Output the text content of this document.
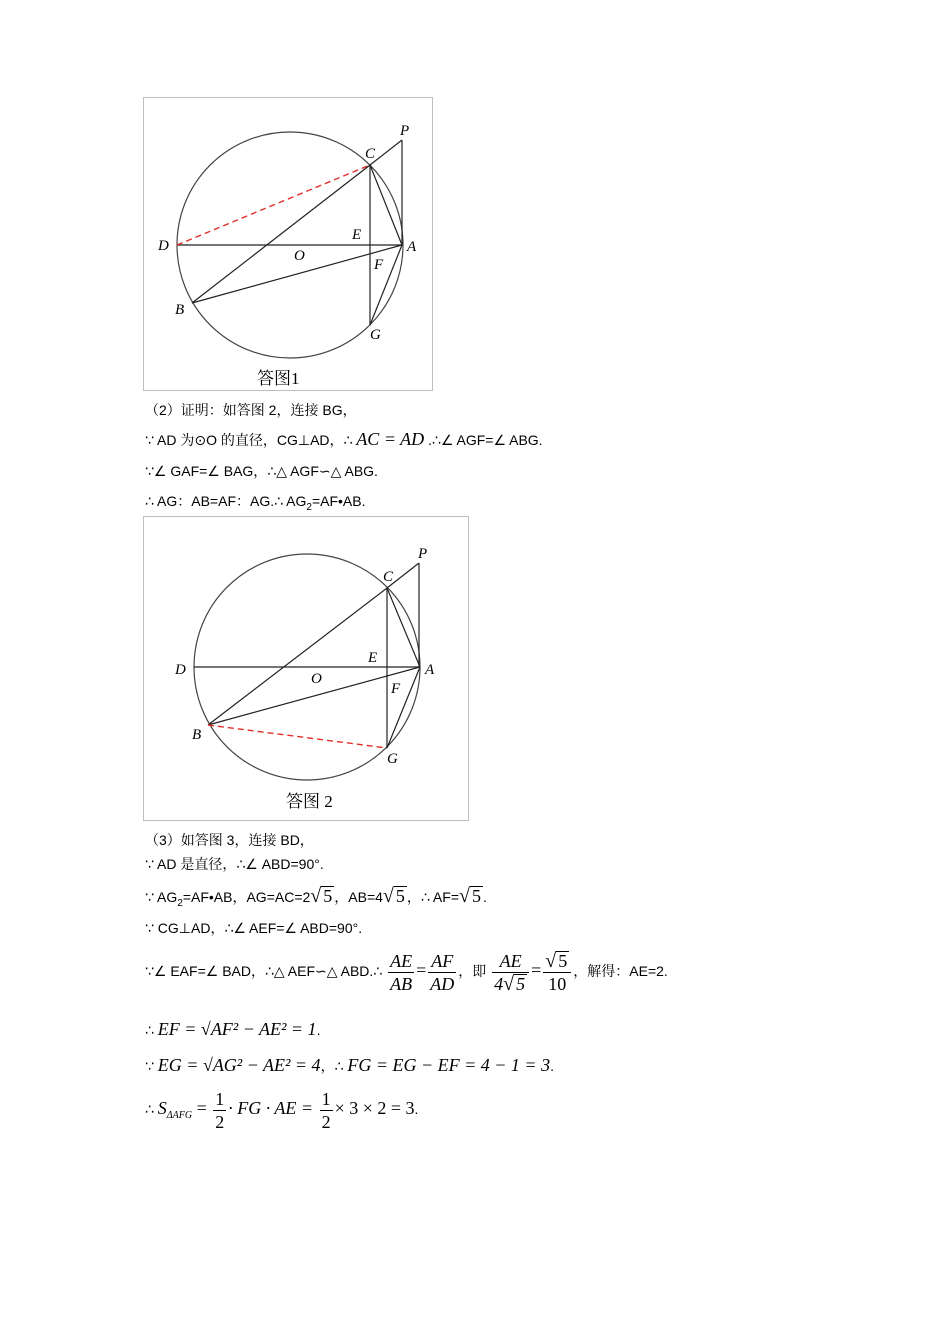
P
C
D
E
O
A
F
B
G
答图1
（2）证明：如答图 2，连接 BG，
∵ AD 为⊙O 的直径，CG⊥AD，∴ AC = AD .∴∠ AGF=∠ ABG.
∵∠ GAF=∠ BAG，∴△ AGF∽△ ABG.
∴ AG：AB=AF：AG.∴ $AG_2=AF•AB$.
P
C
D
E
O
A
F
B
G
答图 2
（3）如答图 3，连接 BD，
∵ AD 是直径，∴∠ ABD=90°.
∵ $AG_2=AF•AB$，AG=AC=2√ 5 ，AB=4√ 5 ，∴ AF=√ 5 .
∵ CG⊥AD，∴∠ AEF=∠ ABD=90°.
∵∠ EAF=∠ BAD，∴△ AEF∽△ ABD.∴ $\frac{AE}{AB} = \frac{AF}{AD}$ ，即 $\frac{AE}{4√ 5} = \frac{√ 5}{10}$ ，解得：AE=2.
∴ EF = √AF² − AE² = 1.
∵ EG = √AG² − AE² = 4，∴ FG = EG − EF = 4 − 1 = 3.
∴ $S_{\Delta AFG} = \frac{1}{2}$ · FG · AE = $\frac{1}{2} \times 3 \times 2 = 3$.
